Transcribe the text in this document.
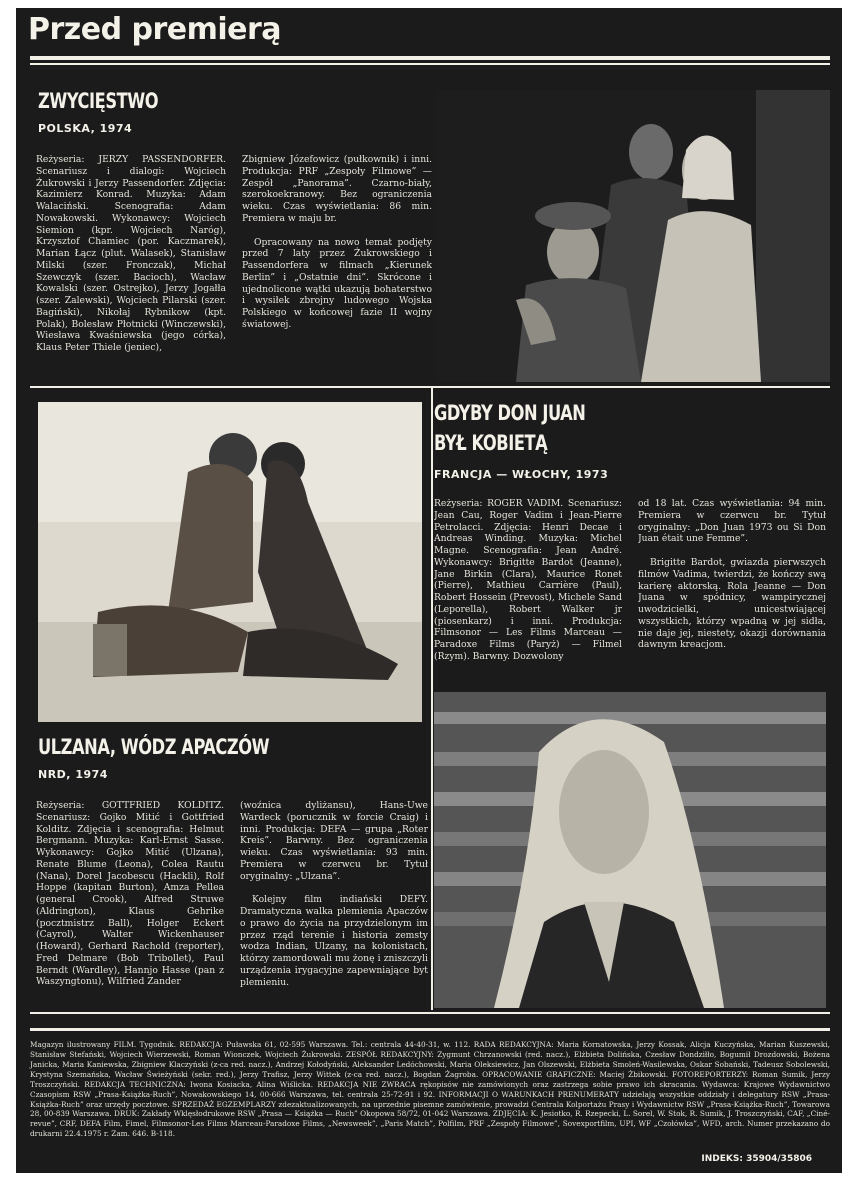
Przed premierą
ZWYCIĘSTWO
POLSKA, 1974

Reżyseria: JERZY PASSENDORFER. Scenariusz i dialogi: Wojciech Żukrowski i Jerzy Passendorfer. Zdjęcia: Kazimierz Konrad. Muzyka: Adam Walaciński. Scenografia: Adam Nowakowski. Wykonawcy: Wojciech Siemion (kpr. Wojciech Naróg), Krzysztof Chamiec (por. Kaczmarek), Marian Łącz (plut. Walasek), Stanisław Milski (szer. Fronczak), Michał Szewczyk (szer. Bacioch), Wacław Kowalski (szer. Ostrejko), Jerzy Jogałła (szer. Zalewski), Wojciech Pilarski (szer. Bagiński), Nikołaj Rybnikow (kpt. Polak), Bolesław Płotnicki (Winczewski), Wiesława Kwaśniewska (jego córka), Klaus Peter Thiele (jeniec),

Zbigniew Józefowicz (pułkownik) i inni. Produkcja: PRF „Zespoły Filmowe” — Zespół „Panorama”. Czarno-biały, szerokoekranowy. Bez ograniczenia wieku. Czas wyświetlania: 86 min. Premiera w maju br.

Opracowany na nowo temat podjęty przed 7 laty przez Żukrowskiego i Passendorfera w filmach „Kierunek Berlin” i „Ostatnie dni”. Skrócone i ujednolicone wątki ukazują bohaterstwo i wysiłek zbrojny ludowego Wojska Polskiego w końcowej fazie II wojny światowej.

ULZANA, WÓDZ APACZÓW
NRD, 1974

Reżyseria: GOTTFRIED KOLDITZ. Scenariusz: Gojko Mitić i Gottfried Kolditz. Zdjęcia i scenografia: Helmut Bergmann. Muzyka: Karl-Ernst Sasse. Wykonawcy: Gojko Mitić (Ulzana), Renate Blume (Leona), Colea Rautu (Nana), Dorel Jacobescu (Hackli), Rolf Hoppe (kapitan Burton), Amza Pellea (general Crook), Alfred Struwe (Aldrington), Klaus Gehrike (pocztmistrz Ball), Holger Eckert (Cayrol), Walter Wickenhauser (Howard), Gerhard Rachold (reporter), Fred Delmare (Bob Tribollet), Paul Berndt (Wardley), Hannjo Hasse (pan z Waszyngtonu), Wilfried Zander

(woźnica dyliżansu), Hans-Uwe Wardeck (porucznik w forcie Craig) i inni. Produkcja: DEFA — grupa „Roter Kreis”. Barwny. Bez ograniczenia wieku. Czas wyświetlania: 93 min. Premiera w czerwcu br. Tytuł oryginalny: „Ulzana”.

Kolejny film indiański DEFY. Dramatyczna walka plemienia Apaczów o prawo do życia na przydzielonym im przez rząd terenie i historia zemsty wodza Indian, Ulzany, na kolonistach, którzy zamordowali mu żonę i zniszczyli urządzenia irygacyjne zapewniające byt plemieniu.

GDYBY DON JUAN
BYŁ KOBIETĄ
FRANCJA — WŁOCHY, 1973

Reżyseria: ROGER VADIM. Scenariusz: Jean Cau, Roger Vadim i Jean-Pierre Petrolacci. Zdjęcia: Henri Decae i Andreas Winding. Muzyka: Michel Magne. Scenografia: Jean André. Wykonawcy: Brigitte Bardot (Jeanne), Jane Birkin (Clara), Maurice Ronet (Pierre), Mathieu Carrière (Paul), Robert Hossein (Prevost), Michele Sand (Leporella), Robert Walker jr (piosenkarz) i inni. Produkcja: Filmsonor — Les Films Marceau — Paradoxe Films (Paryż) — Filmel (Rzym). Barwny. Dozwolony

od 18 lat. Czas wyświetlania: 94 min. Premiera w czerwcu br. Tytuł oryginalny: „Don Juan 1973 ou Si Don Juan était une Femme”.

Brigitte Bardot, gwiazda pierwszych filmów Vadima, twierdzi, że kończy swą karierę aktorską. Rola Jeanne — Don Juana w spódnicy, wampirycznej uwodzicielki, unicestwiającej wszystkich, którzy wpadną w jej sidła, nie daje jej, niestety, okazji dorównania dawnym kreacjom.

Magazyn ilustrowany FILM. Tygodnik. REDAKCJA: Puławska 61, 02-595 Warszawa. Tel.: centrala 44-40-31, w. 112. RADA REDAKCYJNA: Maria Kornatowska, Jerzy Kossak, Alicja Kuczyńska, Marian Kuszewski, Stanisław Stefański, Wojciech Wierzewski, Roman Wionczek, Wojciech Żukrowski. ZESPÓŁ REDAKCYJNY: Zygmunt Chrzanowski (red. nacz.), Elżbieta Dolińska, Czesław Dondziłło, Bogumił Drozdowski, Bożena Janicka, Maria Kaniewska, Zbigniew Klaczyński (z-ca red. nacz.), Andrzej Kołodyński, Aleksander Ledóchowski, Maria Oleksiewicz, Jan Olszewski, Elżbieta Smoleń-Wasilewska, Oskar Sobański, Tadeusz Sobolewski, Krystyna Szemańska, Wacław Świeżyński (sekr. red.), Jerzy Trafisz, Jerzy Wittek (z-ca red. nacz.), Bogdan Żagroba. OPRACOWANIE GRAFICZNE: Maciej Żbikowski. FOTOREPORTERZY: Roman Sumik, Jerzy Troszczyński. REDAKCJA TECHNICZNA: Iwona Kosiacka, Alina Wiślicka. REDAKCJA NIE ZWRACA rękopisów nie zamówionych oraz zastrzega sobie prawo ich skracania. Wydawca: Krajowe Wydawnictwo Czasopism RSW „Prasa-Książka-Ruch”, Nowakowskiego 14, 00-666 Warszawa, tel. centrala 25-72-91 i 92. INFORMACJI O WARUNKACH PRENUMERATY udzielają wszystkie oddziały i delegatury RSW „Prasa-Książka-Ruch” oraz urzędy pocztowe. SPRZEDAŻ EGZEMPLARZY zdezaktualizowanych, na uprzednie pisemne zamówienie, prowadzi Centrala Kolportażu Prasy i Wydawnictw RSW „Prasa-Książka-Ruch”, Towarowa 28, 00-839 Warszawa. DRUK: Zakłady Wklęsłodrukowe RSW „Prasa — Książka — Ruch” Okopowa 58/72, 01-042 Warszawa. ZDJĘCIA: K. Jesiotko, R. Rzepecki, L. Sorel, W. Stok, R. Sumik, J. Troszczyński, CAF, „Ciné-revue”, CRF, DEFA Film, Fimel, Filmsonor-Les Films Marceau-Paradoxe Films, „Newsweek”, „Paris Match”, Polfilm, PRF „Zespoły Filmowe”, Sovexportfilm, UPI, WF „Czołówka”, WFD, arch. Numer przekazano do drukarni 22.4.1975 r. Zam. 646. B-118.
INDEKS: 35904/35806
